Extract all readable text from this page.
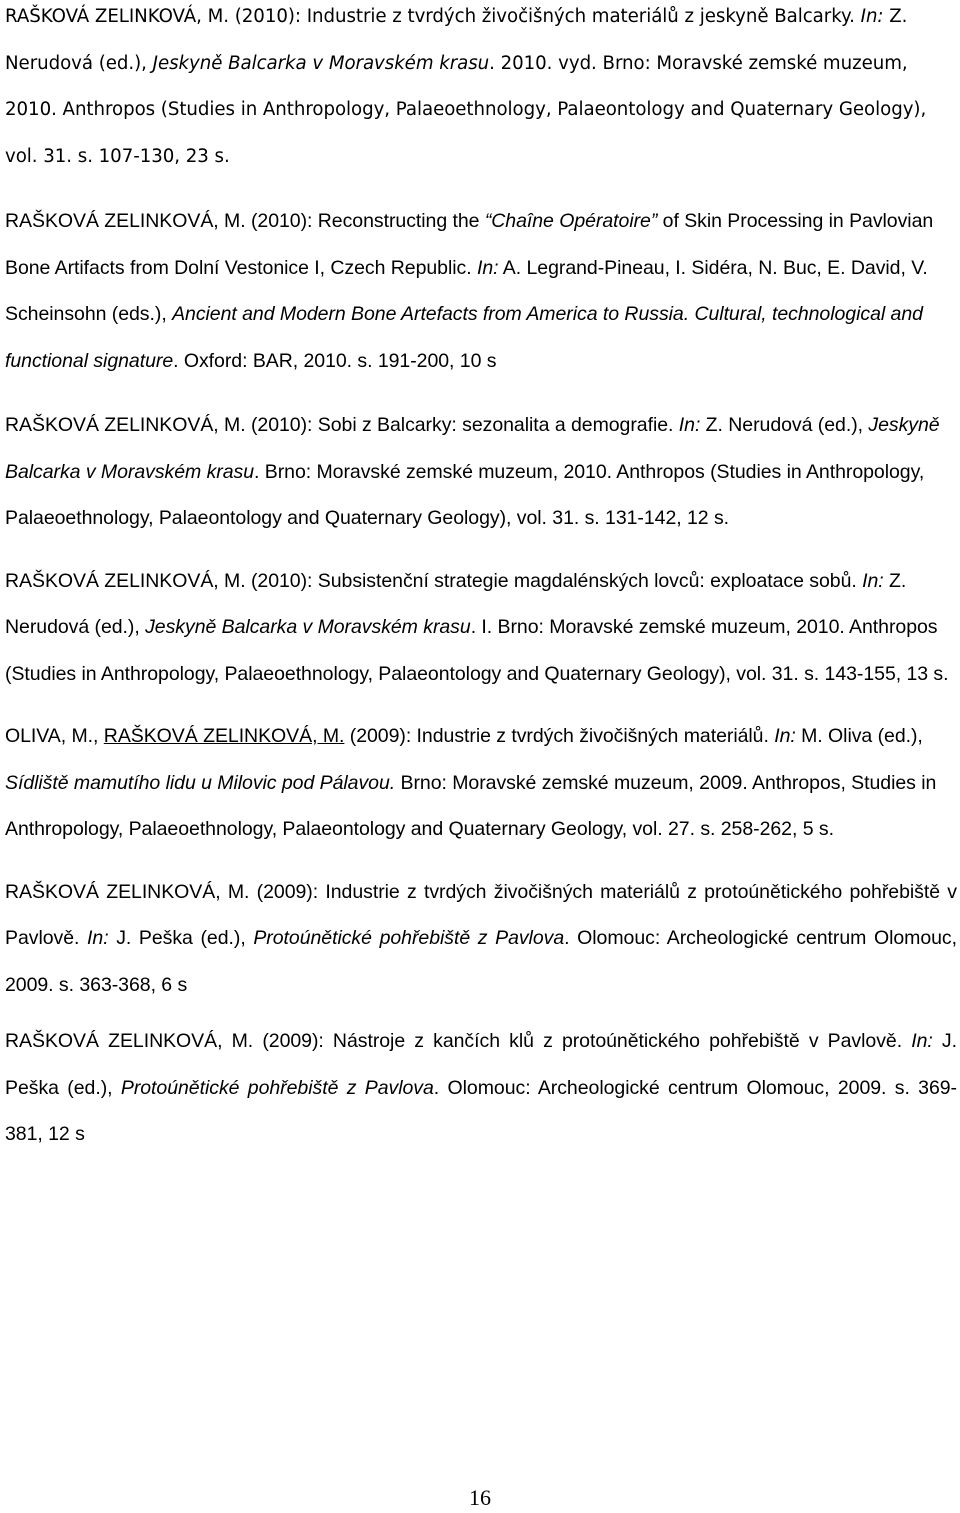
RAŠKOVÁ ZELINKOVÁ, M. (2010): Industrie z tvrdých živočišných materiálů z jeskyně Balcarky. In: Z. Nerudová (ed.), Jeskyně Balcarka v Moravském krasu. 2010. vyd. Brno: Moravské zemské muzeum, 2010. Anthropos (Studies in Anthropology, Palaeoethnology, Palaeontology and Quaternary Geology), vol. 31. s. 107-130, 23 s.

RAŠKOVÁ ZELINKOVÁ, M. (2010): Reconstructing the “Chaîne Opératoire” of Skin Processing in Pavlovian Bone Artifacts from Dolní Vestonice I, Czech Republic. In: A. Legrand-Pineau, I. Sidéra, N. Buc, E. David, V. Scheinsohn (eds.), Ancient and Modern Bone Artefacts from America to Russia. Cultural, technological and functional signature. Oxford: BAR, 2010. s. 191-200, 10 s

RAŠKOVÁ ZELINKOVÁ, M. (2010): Sobi z Balcarky: sezonalita a demografie. In: Z. Nerudová (ed.), Jeskyně Balcarka v Moravském krasu. Brno: Moravské zemské muzeum, 2010. Anthropos (Studies in Anthropology, Palaeoethnology, Palaeontology and Quaternary Geology), vol. 31. s. 131-142, 12 s.

RAŠKOVÁ ZELINKOVÁ, M. (2010): Subsistenční strategie magdalénských lovců: exploatace sobů. In: Z. Nerudová (ed.), Jeskyně Balcarka v Moravském krasu. I. Brno: Moravské zemské muzeum, 2010. Anthropos (Studies in Anthropology, Palaeoethnology, Palaeontology and Quaternary Geology), vol. 31. s. 143-155, 13 s.

OLIVA, M., RAŠKOVÁ ZELINKOVÁ, M. (2009): Industrie z tvrdých živočišných materiálů. In: M. Oliva (ed.), Sídliště mamutího lidu u Milovic pod Pálavou. Brno: Moravské zemské muzeum, 2009. Anthropos, Studies in Anthropology, Palaeoethnology, Palaeontology and Quaternary Geology, vol. 27. s. 258-262, 5 s.

RAŠKOVÁ ZELINKOVÁ, M. (2009): Industrie z tvrdých živočišných materiálů z protoúnětického pohřebiště v Pavlově. In: J. Peška (ed.), Protoúnětické pohřebiště z Pavlova. Olomouc: Archeologické centrum Olomouc, 2009. s. 363-368, 6 s

RAŠKOVÁ ZELINKOVÁ, M. (2009): Nástroje z kančích klů z protoúnětického pohřebiště v Pavlově. In: J. Peška (ed.), Protoúnětické pohřebiště z Pavlova. Olomouc: Archeologické centrum Olomouc, 2009. s. 369-381, 12 s

16
